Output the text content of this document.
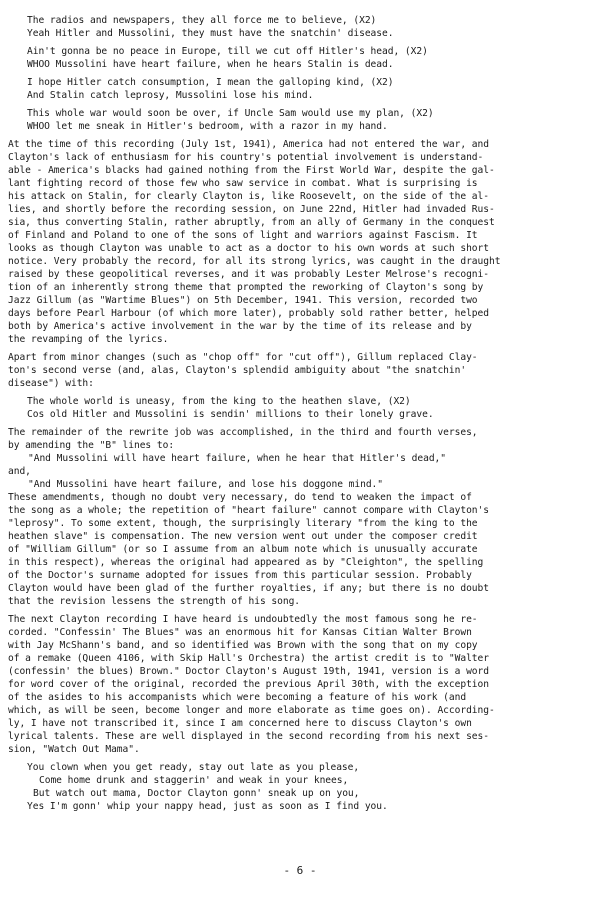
The radios and newspapers, they all force me to believe, (X2)
Yeah Hitler and Mussolini, they must have the snatchin' disease.
Ain't gonna be no peace in Europe, till we cut off Hitler's head, (X2)
WHOO Mussolini have heart failure, when he hears Stalin is dead.
I hope Hitler catch consumption, I mean the galloping kind, (X2)
And Stalin catch leprosy, Mussolini lose his mind.
This whole war would soon be over, if Uncle Sam would use my plan, (X2)
WHOO let me sneak in Hitler's bedroom, with a razor in my hand.
At the time of this recording (July 1st, 1941), America had not entered the war, and
Clayton's lack of enthusiasm for his country's potential involvement is understand-
able - America's blacks had gained nothing from the First World War, despite the gal-
lant fighting record of those few who saw service in combat. What is surprising is
his attack on Stalin, for clearly Clayton is, like Roosevelt, on the side of the al-
lies, and shortly before the recording session, on June 22nd, Hitler had invaded Rus-
sia, thus converting Stalin, rather abruptly, from an ally of Germany in the conquest
of Finland and Poland to one of the sons of light and warriors against Fascism. It
looks as though Clayton was unable to act as a doctor to his own words at such short
notice. Very probably the record, for all its strong lyrics, was caught in the draught
raised by these geopolitical reverses, and it was probably Lester Melrose's recogni-
tion of an inherently strong theme that prompted the reworking of Clayton's song by
Jazz Gillum (as "Wartime Blues") on 5th December, 1941. This version, recorded two
days before Pearl Harbour (of which more later), probably sold rather better, helped
both by America's active involvement in the war by the time of its release and by
the revamping of the lyrics.
Apart from minor changes (such as "chop off" for "cut off"), Gillum replaced Clay-
ton's second verse (and, alas, Clayton's splendid ambiguity about "the snatchin'
disease") with:
The whole world is uneasy, from the king to the heathen slave, (X2)
Cos old Hitler and Mussolini is sendin' millions to their lonely grave.
The remainder of the rewrite job was accomplished, in the third and fourth verses,
by amending the "B" lines to:
"And Mussolini will have heart failure, when he hear that Hitler's dead,"
and,
"And Mussolini have heart failure, and lose his doggone mind."
These amendments, though no doubt very necessary, do tend to weaken the impact of
the song as a whole; the repetition of "heart failure" cannot compare with Clayton's
"leprosy". To some extent, though, the surprisingly literary "from the king to the
heathen slave" is compensation. The new version went out under the composer credit
of "William Gillum" (or so I assume from an album note which is unusually accurate
in this respect), whereas the original had appeared as by "Cleighton", the spelling
of the Doctor's surname adopted for issues from this particular session. Probably
Clayton would have been glad of the further royalties, if any; but there is no doubt
that the revision lessens the strength of his song.
The next Clayton recording I have heard is undoubtedly the most famous song he re-
corded. "Confessin' The Blues" was an enormous hit for Kansas Citian Walter Brown
with Jay McShann's band, and so identified was Brown with the song that on my copy
of a remake (Queen 4106, with Skip Hall's Orchestra) the artist credit is to "Walter
(confessin' the blues) Brown." Doctor Clayton's August 19th, 1941, version is a word
for word cover of the original, recorded the previous April 30th, with the exception
of the asides to his accompanists which were becoming a feature of his work (and
which, as will be seen, become longer and more elaborate as time goes on). According-
ly, I have not transcribed it, since I am concerned here to discuss Clayton's own
lyrical talents. These are well displayed in the second recording from his next ses-
sion, "Watch Out Mama".
You clown when you get ready, stay out late as you please,
Come home drunk and staggerin' and weak in your knees,
But watch out mama, Doctor Clayton gonn' sneak up on you,
Yes I'm gonn' whip your nappy head, just as soon as I find you.
- 6 -
